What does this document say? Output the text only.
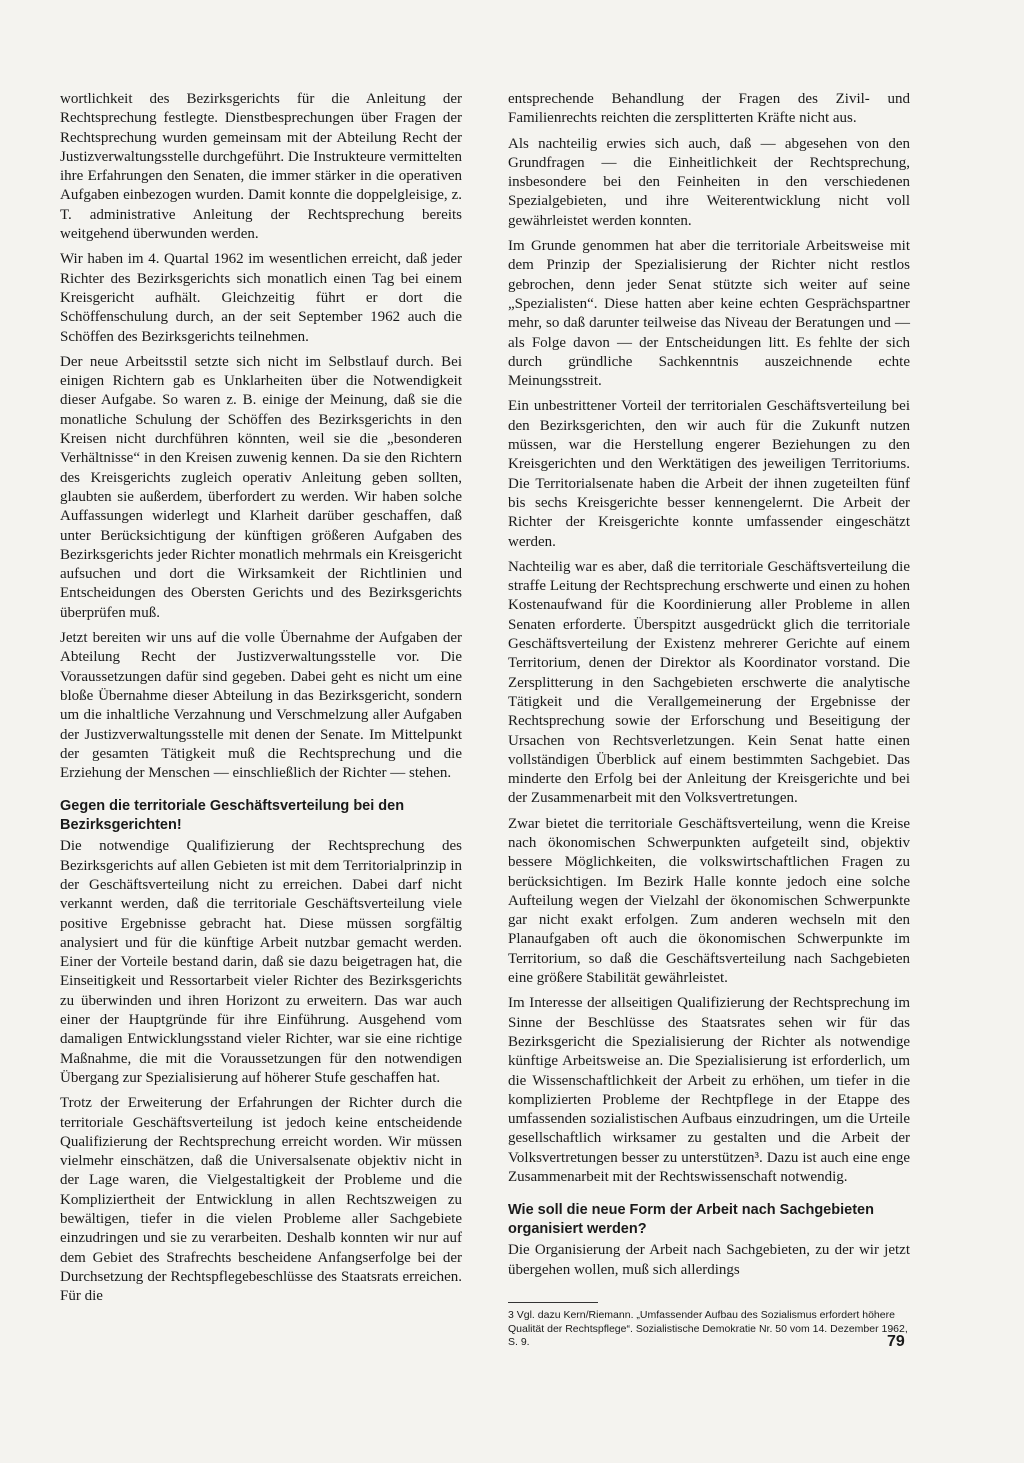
wortlichkeit des Bezirksgerichts für die Anleitung der Rechtsprechung festlegte. Dienstbesprechungen über Fragen der Rechtsprechung wurden gemeinsam mit der Abteilung Recht der Justizverwaltungsstelle durchgeführt. Die Instrukteure vermittelten ihre Erfahrungen den Senaten, die immer stärker in die operativen Aufgaben einbezogen wurden. Damit konnte die doppelgleisige, z. T. administrative Anleitung der Rechtsprechung bereits weitgehend überwunden werden.

Wir haben im 4. Quartal 1962 im wesentlichen erreicht, daß jeder Richter des Bezirksgerichts sich monatlich einen Tag bei einem Kreisgericht aufhält. Gleichzeitig führt er dort die Schöffenschulung durch, an der seit September 1962 auch die Schöffen des Bezirksgerichts teilnehmen.

Der neue Arbeitsstil setzte sich nicht im Selbstlauf durch. Bei einigen Richtern gab es Unklarheiten über die Notwendigkeit dieser Aufgabe. So waren z. B. einige der Meinung, daß sie die monatliche Schulung der Schöffen des Bezirksgerichts in den Kreisen nicht durchführen könnten, weil sie die „besonderen Verhältnisse“ in den Kreisen zuwenig kennen. Da sie den Richtern des Kreisgerichts zugleich operativ Anleitung geben sollten, glaubten sie außerdem, überfordert zu werden. Wir haben solche Auffassungen widerlegt und Klarheit darüber geschaffen, daß unter Berücksichtigung der künftigen größeren Aufgaben des Bezirksgerichts jeder Richter monatlich mehrmals ein Kreisgericht aufsuchen und dort die Wirksamkeit der Richtlinien und Entscheidungen des Obersten Gerichts und des Bezirksgerichts überprüfen muß.

Jetzt bereiten wir uns auf die volle Übernahme der Aufgaben der Abteilung Recht der Justizverwaltungsstelle vor. Die Voraussetzungen dafür sind gegeben. Dabei geht es nicht um eine bloße Übernahme dieser Abteilung in das Bezirksgericht, sondern um die inhaltliche Verzahnung und Verschmelzung aller Aufgaben der Justizverwaltungsstelle mit denen der Senate. Im Mittelpunkt der gesamten Tätigkeit muß die Rechtsprechung und die Erziehung der Menschen — einschließlich der Richter — stehen.

Gegen die territoriale Geschäftsverteilung bei den Bezirksgerichten!

Die notwendige Qualifizierung der Rechtsprechung des Bezirksgerichts auf allen Gebieten ist mit dem Territorialprinzip in der Geschäftsverteilung nicht zu erreichen. Dabei darf nicht verkannt werden, daß die territoriale Geschäftsverteilung viele positive Ergebnisse gebracht hat. Diese müssen sorgfältig analysiert und für die künftige Arbeit nutzbar gemacht werden. Einer der Vorteile bestand darin, daß sie dazu beigetragen hat, die Einseitigkeit und Ressortarbeit vieler Richter des Bezirksgerichts zu überwinden und ihren Horizont zu erweitern. Das war auch einer der Hauptgründe für ihre Einführung. Ausgehend vom damaligen Entwicklungsstand vieler Richter, war sie eine richtige Maßnahme, die mit die Voraussetzungen für den notwendigen Übergang zur Spezialisierung auf höherer Stufe geschaffen hat.

Trotz der Erweiterung der Erfahrungen der Richter durch die territoriale Geschäftsverteilung ist jedoch keine entscheidende Qualifizierung der Rechtsprechung erreicht worden. Wir müssen vielmehr einschätzen, daß die Universalsenate objektiv nicht in der Lage waren, die Vielgestaltigkeit der Probleme und die Kompliziertheit der Entwicklung in allen Rechtszweigen zu bewältigen, tiefer in die vielen Probleme aller Sachgebiete einzudringen und sie zu verarbeiten. Deshalb konnten wir nur auf dem Gebiet des Strafrechts bescheidene Anfangserfolge bei der Durchsetzung der Rechtspflegebeschlüsse des Staatsrats erreichen. Für die

entsprechende Behandlung der Fragen des Zivil- und Familienrechts reichten die zersplitterten Kräfte nicht aus.

Als nachteilig erwies sich auch, daß — abgesehen von den Grundfragen — die Einheitlichkeit der Rechtsprechung, insbesondere bei den Feinheiten in den verschiedenen Spezialgebieten, und ihre Weiterentwicklung nicht voll gewährleistet werden konnten.

Im Grunde genommen hat aber die territoriale Arbeitsweise mit dem Prinzip der Spezialisierung der Richter nicht restlos gebrochen, denn jeder Senat stützte sich weiter auf seine „Spezialisten“. Diese hatten aber keine echten Gesprächspartner mehr, so daß darunter teilweise das Niveau der Beratungen und — als Folge davon — der Entscheidungen litt. Es fehlte der sich durch gründliche Sachkenntnis auszeichnende echte Meinungsstreit.

Ein unbestrittener Vorteil der territorialen Geschäftsverteilung bei den Bezirksgerichten, den wir auch für die Zukunft nutzen müssen, war die Herstellung engerer Beziehungen zu den Kreisgerichten und den Werktätigen des jeweiligen Territoriums. Die Territorialsenate haben die Arbeit der ihnen zugeteilten fünf bis sechs Kreisgerichte besser kennengelernt. Die Arbeit der Richter der Kreisgerichte konnte umfassender eingeschätzt werden.

Nachteilig war es aber, daß die territoriale Geschäftsverteilung die straffe Leitung der Rechtsprechung erschwerte und einen zu hohen Kostenaufwand für die Koordinierung aller Probleme in allen Senaten erforderte. Überspitzt ausgedrückt glich die territoriale Geschäftsverteilung der Existenz mehrerer Gerichte auf einem Territorium, denen der Direktor als Koordinator vorstand. Die Zersplitterung in den Sachgebieten erschwerte die analytische Tätigkeit und die Verallgemeinerung der Ergebnisse der Rechtsprechung sowie der Erforschung und Beseitigung der Ursachen von Rechtsverletzungen. Kein Senat hatte einen vollständigen Überblick auf einem bestimmten Sachgebiet. Das minderte den Erfolg bei der Anleitung der Kreisgerichte und bei der Zusammenarbeit mit den Volksvertretungen.

Zwar bietet die territoriale Geschäftsverteilung, wenn die Kreise nach ökonomischen Schwerpunkten aufgeteilt sind, objektiv bessere Möglichkeiten, die volkswirtschaftlichen Fragen zu berücksichtigen. Im Bezirk Halle konnte jedoch eine solche Aufteilung wegen der Vielzahl der ökonomischen Schwerpunkte gar nicht exakt erfolgen. Zum anderen wechseln mit den Planaufgaben oft auch die ökonomischen Schwerpunkte im Territorium, so daß die Geschäftsverteilung nach Sachgebieten eine größere Stabilität gewährleistet.

Im Interesse der allseitigen Qualifizierung der Rechtsprechung im Sinne der Beschlüsse des Staatsrates sehen wir für das Bezirksgericht die Spezialisierung der Richter als notwendige künftige Arbeitsweise an. Die Spezialisierung ist erforderlich, um die Wissenschaftlichkeit der Arbeit zu erhöhen, um tiefer in die komplizierten Probleme der Rechtpflege in der Etappe des umfassenden sozialistischen Aufbaus einzudringen, um die Urteile gesellschaftlich wirksamer zu gestalten und die Arbeit der Volksvertretungen besser zu unterstützen³. Dazu ist auch eine enge Zusammenarbeit mit der Rechtswissenschaft notwendig.

Wie soll die neue Form der Arbeit nach Sachgebieten organisiert werden?

Die Organisierung der Arbeit nach Sachgebieten, zu der wir jetzt übergehen wollen, muß sich allerdings

3 Vgl. dazu Kern/Riemann. „Umfassender Aufbau des Sozialismus erfordert höhere Qualität der Rechtspflege“. Sozialistische Demokratie Nr. 50 vom 14. Dezember 1962, S. 9.	79
